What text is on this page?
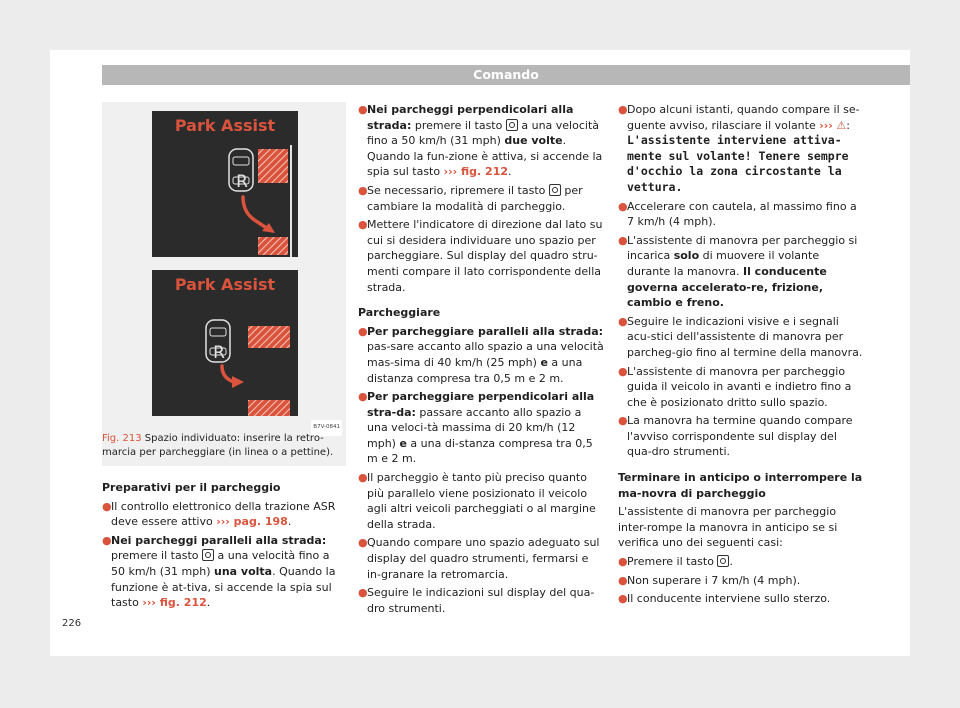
Comando
Park Assist
R
Park Assist
R
B7V-0841
Fig. 213 Spazio individuato: inserire la retro-marcia per parcheggiare (in linea o a pettine).

Preparativi per il parcheggio

● Il controllo elettronico della trazione ASR deve essere attivo ››› pag. 198.
● Nei parcheggi paralleli alla strada: premere il tasto  a una velocità fino a 50 km/h (31 mph) una volta. Quando la funzione è at-tiva, si accende la spia sul tasto ››› fig. 212.
● Nei parcheggi perpendicolari alla strada: premere il tasto  a una velocità fino a 50 km/h (31 mph) due volte. Quando la fun-zione è attiva, si accende la spia sul tasto ››› fig. 212.
● Se necessario, ripremere il tasto  per cambiare la modalità di parcheggio.
● Mettere l'indicatore di direzione dal lato su cui si desidera individuare uno spazio per parcheggiare. Sul display del quadro stru-menti compare il lato corrispondente della strada.

Parcheggiare

● Per parcheggiare paralleli alla strada: pas-sare accanto allo spazio a una velocità mas-sima di 40 km/h (25 mph) e a una distanza compresa tra 0,5 m e 2 m.
● Per parcheggiare perpendicolari alla stra-da: passare accanto allo spazio a una veloci-tà massima di 20 km/h (12 mph) e a una di-stanza compresa tra 0,5 m e 2 m.
● Il parcheggio è tanto più preciso quanto più parallelo viene posizionato il veicolo agli altri veicoli parcheggiati o al margine della strada.
● Quando compare uno spazio adeguato sul display del quadro strumenti, fermarsi e in-granare la retromarcia.
● Seguire le indicazioni sul display del qua-dro strumenti.
● Dopo alcuni istanti, quando compare il se-guente avviso, rilasciare il volante ››› ⚠:
L'assistente interviene attiva-mente sul volante! Tenere sempre d'occhio la zona circostante la vettura.
● Accelerare con cautela, al massimo fino a 7 km/h (4 mph).
● L'assistente di manovra per parcheggio si incarica solo di muovere il volante durante la manovra. Il conducente governa accelerato-re, frizione, cambio e freno.
● Seguire le indicazioni visive e i segnali acu-stici dell'assistente di manovra per parcheg-gio fino al termine della manovra.
● L'assistente di manovra per parcheggio guida il veicolo in avanti e indietro fino a che è posizionato dritto sullo spazio.
● La manovra ha termine quando compare l'avviso corrispondente sul display del qua-dro strumenti.

Terminare in anticipo o interrompere la ma-novra di parcheggio

L'assistente di manovra per parcheggio inter-rompe la manovra in anticipo se si verifica uno dei seguenti casi:

● Premere il tasto .
● Non superare i 7 km/h (4 mph).
● Il conducente interviene sullo sterzo.
226
